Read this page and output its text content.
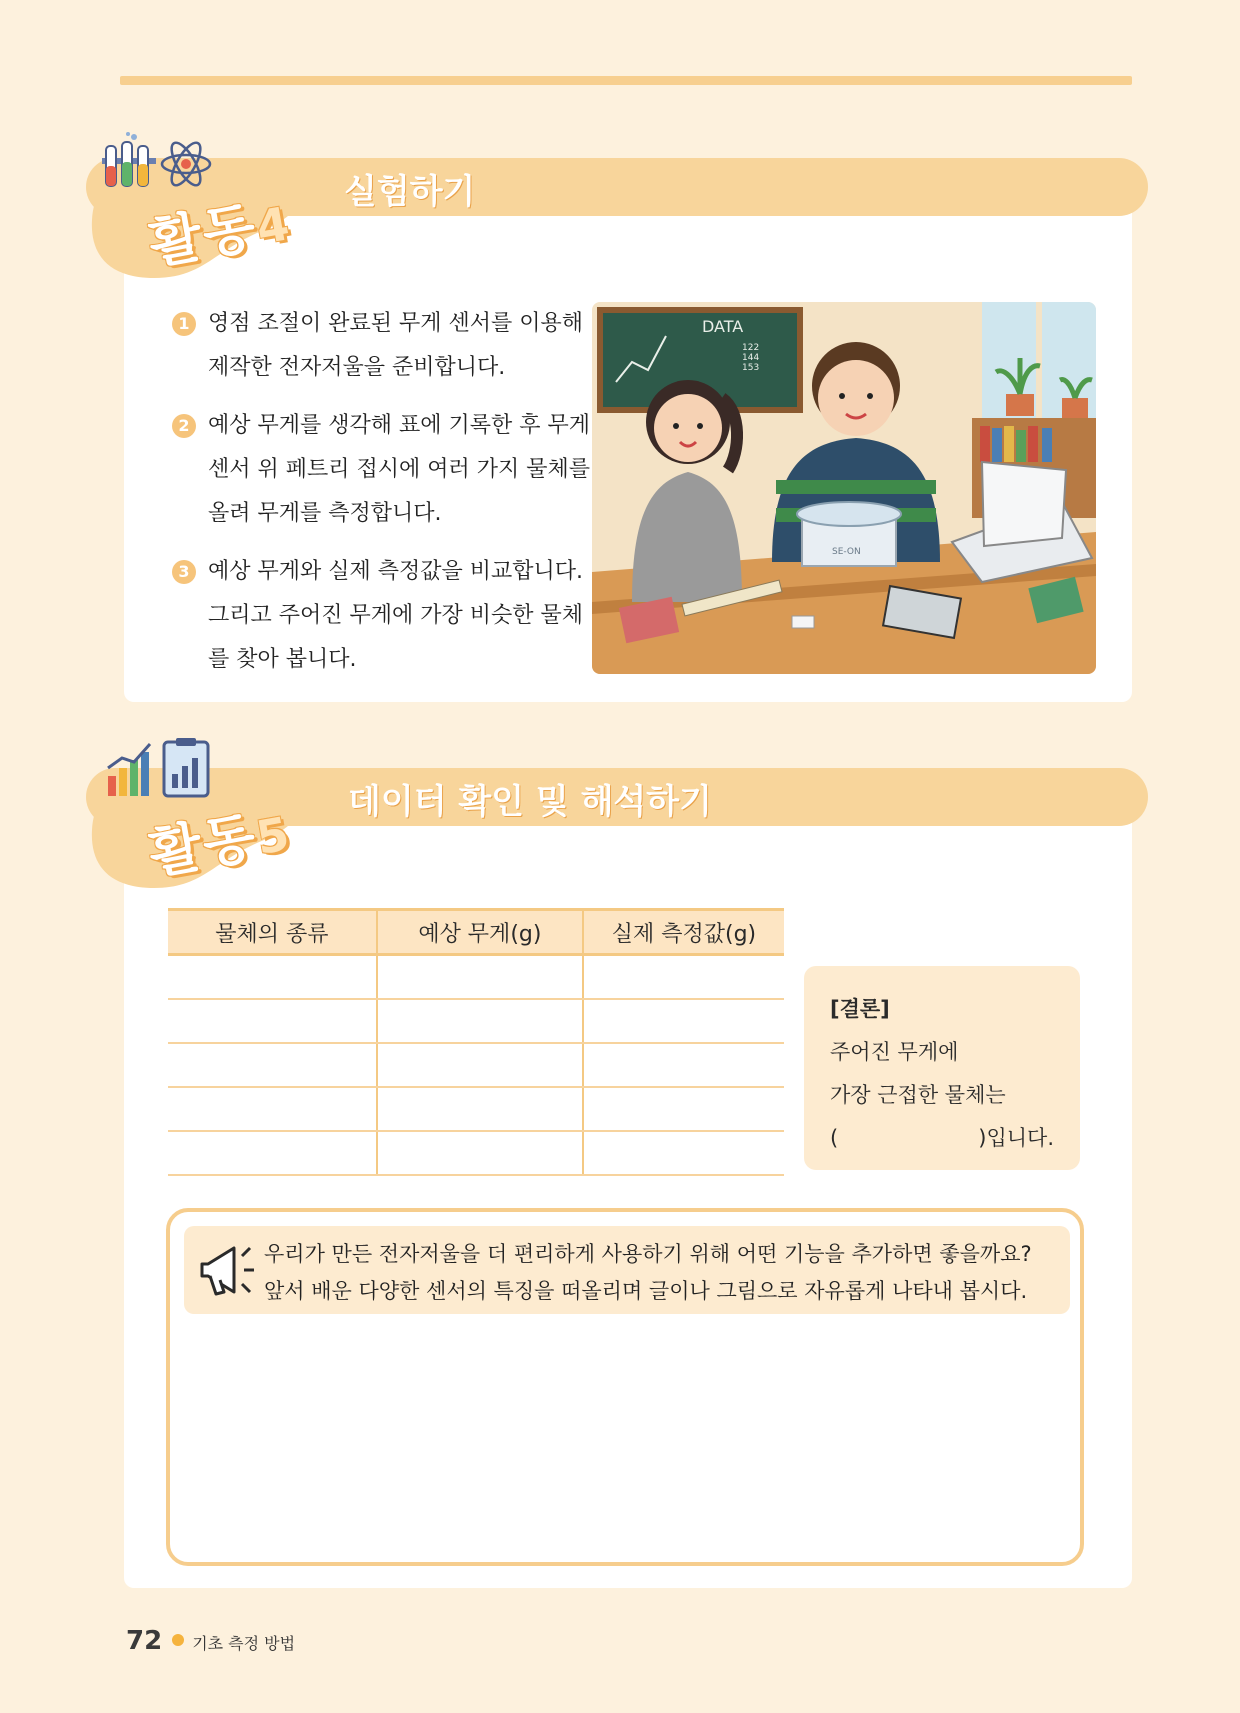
활동4
실험하기
1 영점 조절이 완료된 무게 센서를 이용해
제작한 전자저울을 준비합니다.
2 예상 무게를 생각해 표에 기록한 후 무게
센서 위 페트리 접시에 여러 가지 물체를
올려 무게를 측정합니다.
3 예상 무게와 실제 측정값을 비교합니다.
그리고 주어진 무게에 가장 비슷한 물체
를 찾아 봅니다.
DATA
122
144
153
SE-ON
활동5
데이터 확인 및 해석하기
물체의 종류	예상 무게(g)	실제 측정값(g)

[결론]
주어진 무게에
가장 근접한 물체는
(	)입니다.
우리가 만든 전자저울을 더 편리하게 사용하기 위해 어떤 기능을 추가하면 좋을까요?
앞서 배운 다양한 센서의 특징을 떠올리며 글이나 그림으로 자유롭게 나타내 봅시다.
72 기초 측정 방법
